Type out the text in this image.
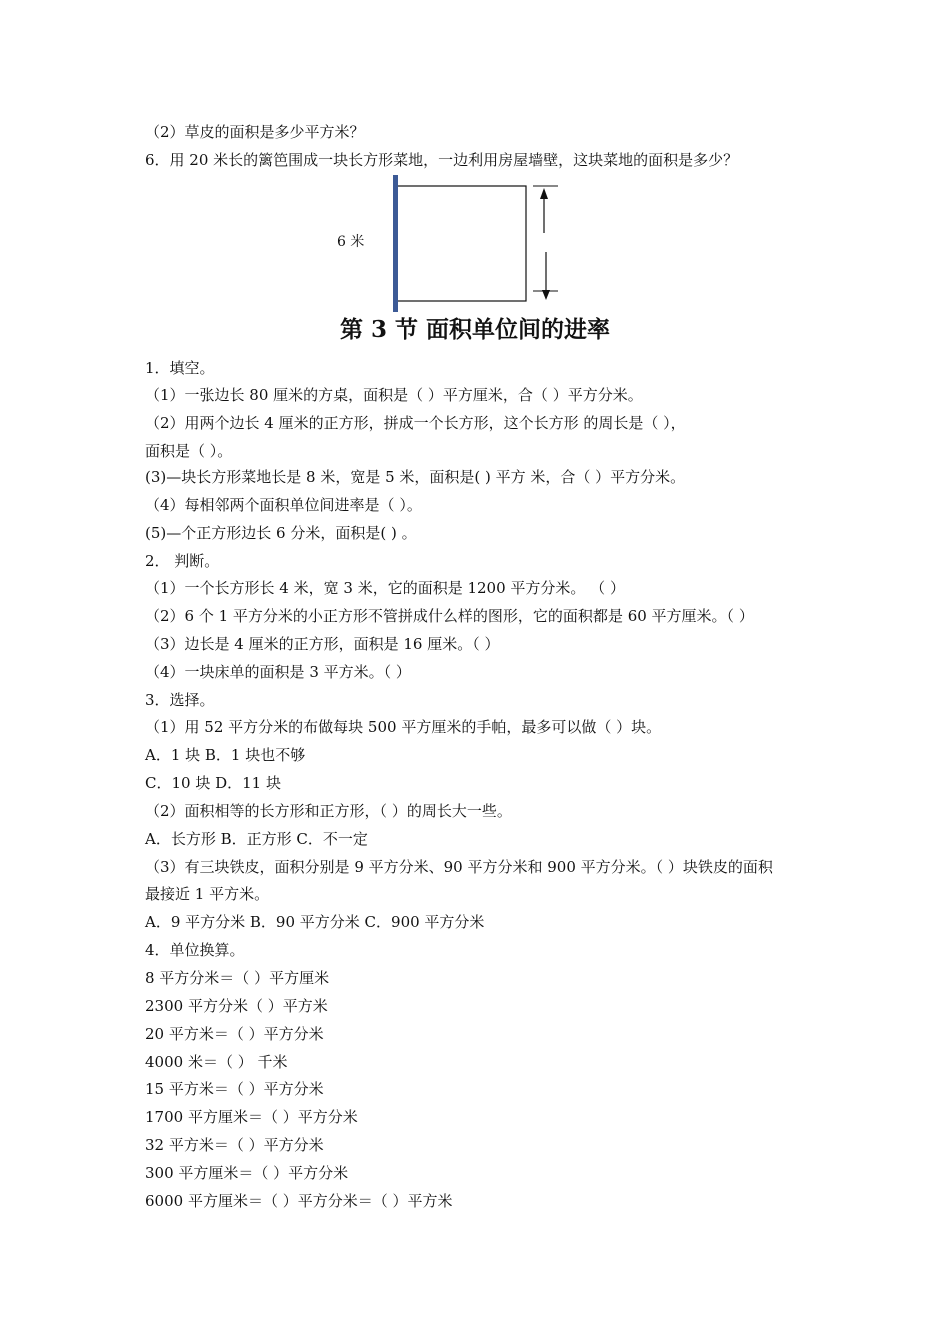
（2）草皮的面积是多少平方米？
6．用 20 米长的篱笆围成一块长方形菜地，一边利用房屋墙壁，这块菜地的面积是多少？
6 米
第 3 节 面积单位间的进率
1．填空。
（1）一张边长 80 厘米的方桌，面积是（ ）平方厘米，合（ ）平方分米。
（2）用两个边长 4 厘米的正方形，拼成一个长方形，这个长方形 的周长是（ ），
面积是（ ）。
(3)—块长方形菜地长是 8 米，宽是 5 米，面积是( ) 平方 米，合（ ）平方分米。
（4）每相邻两个面积单位间进率是（ ）。
(5)—个正方形边长 6 分米，面积是( ) 。
2． 判断。
（1）一个长方形长 4 米，宽 3 米，它的面积是 1200 平方分米。 （ ）
（2）6 个 1 平方分米的小正方形不管拼成什么样的图形，它的面积都是 60 平方厘米。（ ）
（3）边长是 4 厘米的正方形，面积是 16 厘米。（ ）
（4）一块床单的面积是 3 平方米。（ ）
3．选择。
（1）用 52 平方分米的布做每块 500 平方厘米的手帕，最多可以做（ ）块。
A．1 块 B．1 块也不够
C．10 块 D．11 块
（2）面积相等的长方形和正方形，（ ）的周长大一些。
A．长方形 B．正方形 C．不一定
（3）有三块铁皮，面积分别是 9 平方分米、90 平方分米和 900 平方分米。（ ）块铁皮的面积
最接近 1 平方米。
A．9 平方分米 B．90 平方分米 C．900 平方分米
4．单位换算。
8 平方分米＝（ ）平方厘米
2300 平方分米（ ）平方米
20 平方米＝（ ）平方分米
4000 米＝（ ） 千米
15 平方米＝（ ）平方分米
1700 平方厘米＝（ ）平方分米
32 平方米＝（ ）平方分米
300 平方厘米＝（ ）平方分米
6000 平方厘米＝（ ）平方分米＝（ ）平方米
